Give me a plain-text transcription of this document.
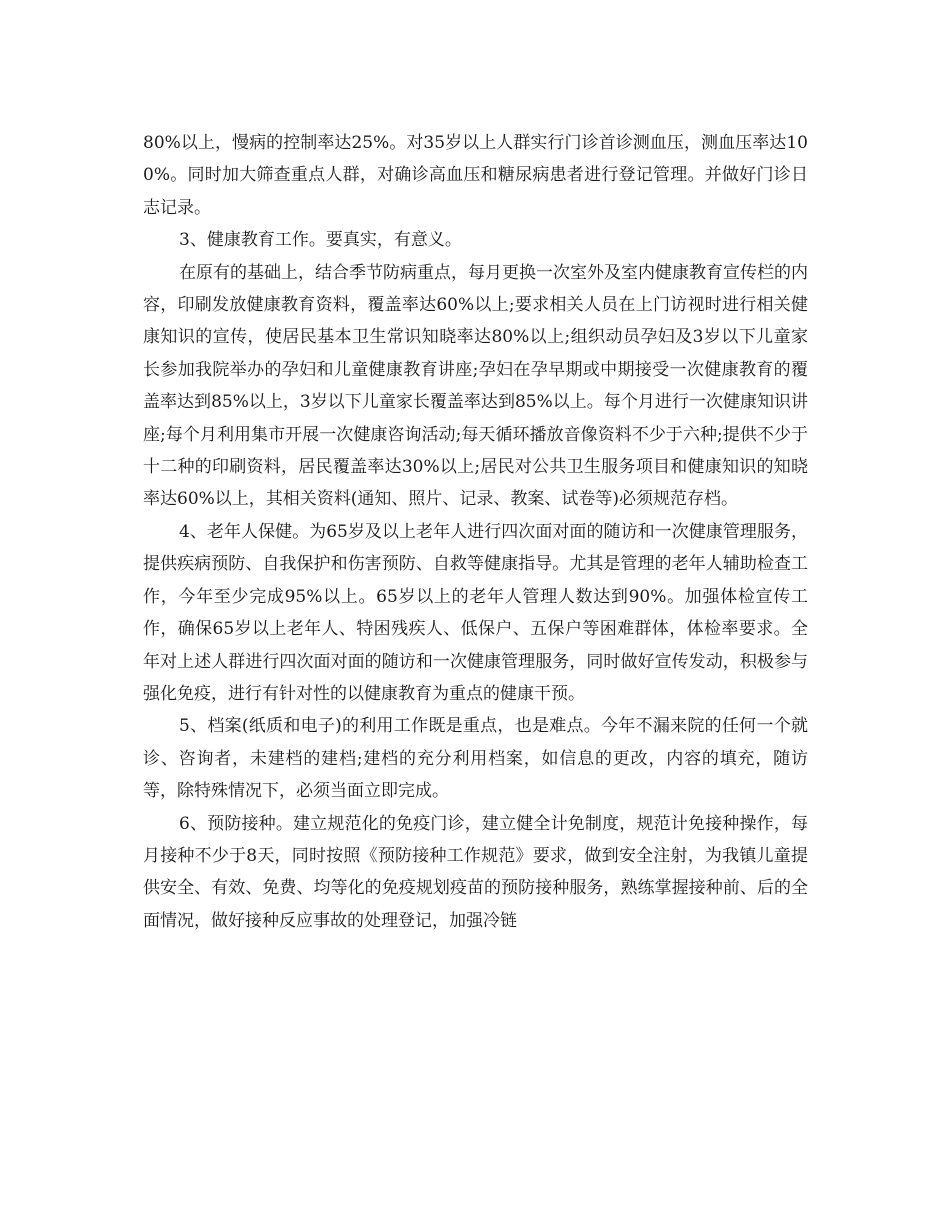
80%以上，慢病的控制率达25%。对35岁以上人群实行门诊首诊测血压，测血压率达100%。同时加大筛查重点人群，对确诊高血压和糖尿病患者进行登记管理。并做好门诊日志记录。

3、健康教育工作。要真实，有意义。

在原有的基础上，结合季节防病重点，每月更换一次室外及室内健康教育宣传栏的内容，印刷发放健康教育资料，覆盖率达60%以上;要求相关人员在上门访视时进行相关健康知识的宣传，使居民基本卫生常识知晓率达80%以上;组织动员孕妇及3岁以下儿童家长参加我院举办的孕妇和儿童健康教育讲座;孕妇在孕早期或中期接受一次健康教育的覆盖率达到85%以上，3岁以下儿童家长覆盖率达到85%以上。每个月进行一次健康知识讲座;每个月利用集市开展一次健康咨询活动;每天循环播放音像资料不少于六种;提供不少于十二种的印刷资料，居民覆盖率达30%以上;居民对公共卫生服务项目和健康知识的知晓率达60%以上，其相关资料(通知、照片、记录、教案、试卷等)必须规范存档。

4、老年人保健。为65岁及以上老年人进行四次面对面的随访和一次健康管理服务，提供疾病预防、自我保护和伤害预防、自救等健康指导。尤其是管理的老年人辅助检查工作，今年至少完成95%以上。65岁以上的老年人管理人数达到90%。加强体检宣传工作，确保65岁以上老年人、特困残疾人、低保户、五保户等困难群体，体检率要求。全年对上述人群进行四次面对面的随访和一次健康管理服务，同时做好宣传发动，积极参与强化免疫，进行有针对性的以健康教育为重点的健康干预。

5、档案(纸质和电子)的利用工作既是重点，也是难点。今年不漏来院的任何一个就诊、咨询者，未建档的建档;建档的充分利用档案，如信息的更改，内容的填充，随访等，除特殊情况下，必须当面立即完成。

6、预防接种。建立规范化的免疫门诊，建立健全计免制度，规范计免接种操作，每月接种不少于8天，同时按照《预防接种工作规范》要求，做到安全注射，为我镇儿童提供安全、有效、免费、均等化的免疫规划疫苗的预防接种服务，熟练掌握接种前、后的全面情况，做好接种反应事故的处理登记，加强冷链
